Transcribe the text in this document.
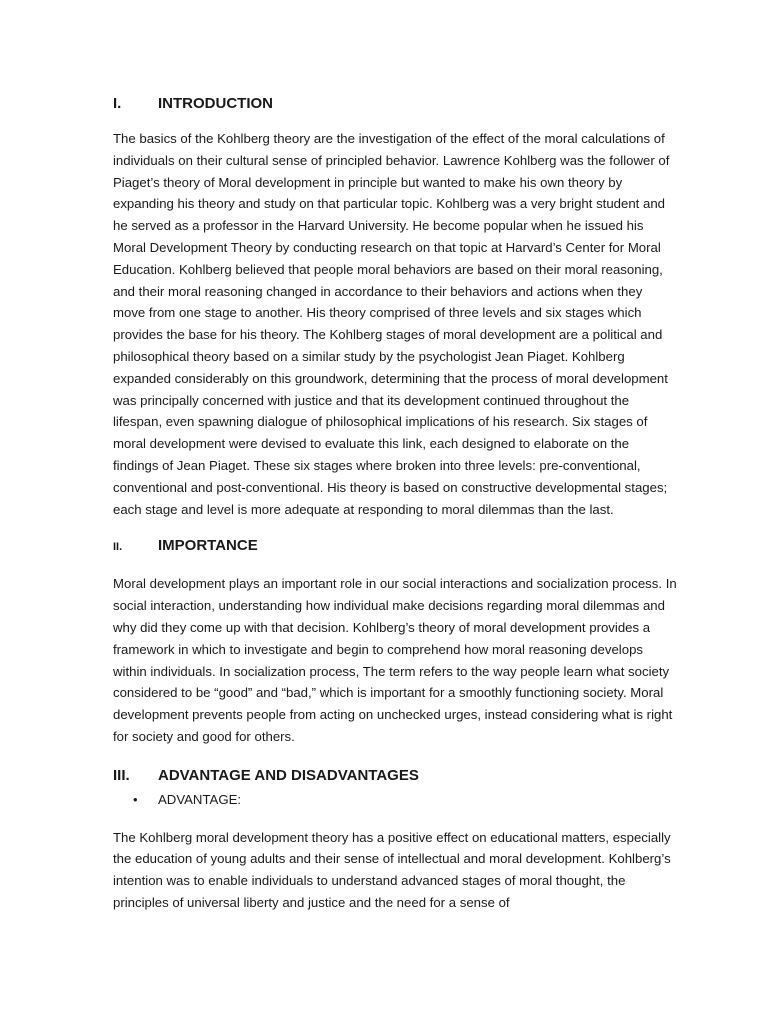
I.	INTRODUCTION

The basics of the Kohlberg theory are the investigation of the effect of the moral calculations of individuals on their cultural sense of principled behavior. Lawrence Kohlberg was the follower of Piaget’s theory of Moral development in principle but wanted to make his own theory by expanding his theory and study on that particular topic. Kohlberg was a very bright student and he served as a professor in the Harvard University. He become popular when he issued his Moral Development Theory by conducting research on that topic at Harvard’s Center for Moral Education. Kohlberg believed that people moral behaviors are based on their moral reasoning, and their moral reasoning changed in accordance to their behaviors and actions when they move from one stage to another. His theory comprised of three levels and six stages which provides the base for his theory. The Kohlberg stages of moral development are a political and philosophical theory based on a similar study by the psychologist Jean Piaget. Kohlberg expanded considerably on this groundwork, determining that the process of moral development was principally concerned with justice and that its development continued throughout the lifespan, even spawning dialogue of philosophical implications of his research. Six stages of moral development were devised to evaluate this link, each designed to elaborate on the findings of Jean Piaget. These six stages where broken into three levels: pre-conventional, conventional and post-conventional. His theory is based on constructive developmental stages; each stage and level is more adequate at responding to moral dilemmas than the last.

II.	IMPORTANCE

Moral development plays an important role in our social interactions and socialization process. In social interaction, understanding how individual make decisions regarding moral dilemmas and why did they come up with that decision. Kohlberg’s theory of moral development provides a framework in which to investigate and begin to comprehend how moral reasoning develops within individuals. In socialization process, The term refers to the way people learn what society considered to be “good” and “bad,” which is important for a smoothly functioning society. Moral development prevents people from acting on unchecked urges, instead considering what is right for society and good for others.

III.	ADVANTAGE AND DISADVANTAGES
•	ADVANTAGE:

The Kohlberg moral development theory has a positive effect on educational matters, especially the education of young adults and their sense of intellectual and moral development. Kohlberg’s intention was to enable individuals to understand advanced stages of moral thought, the principles of universal liberty and justice and the need for a sense of
